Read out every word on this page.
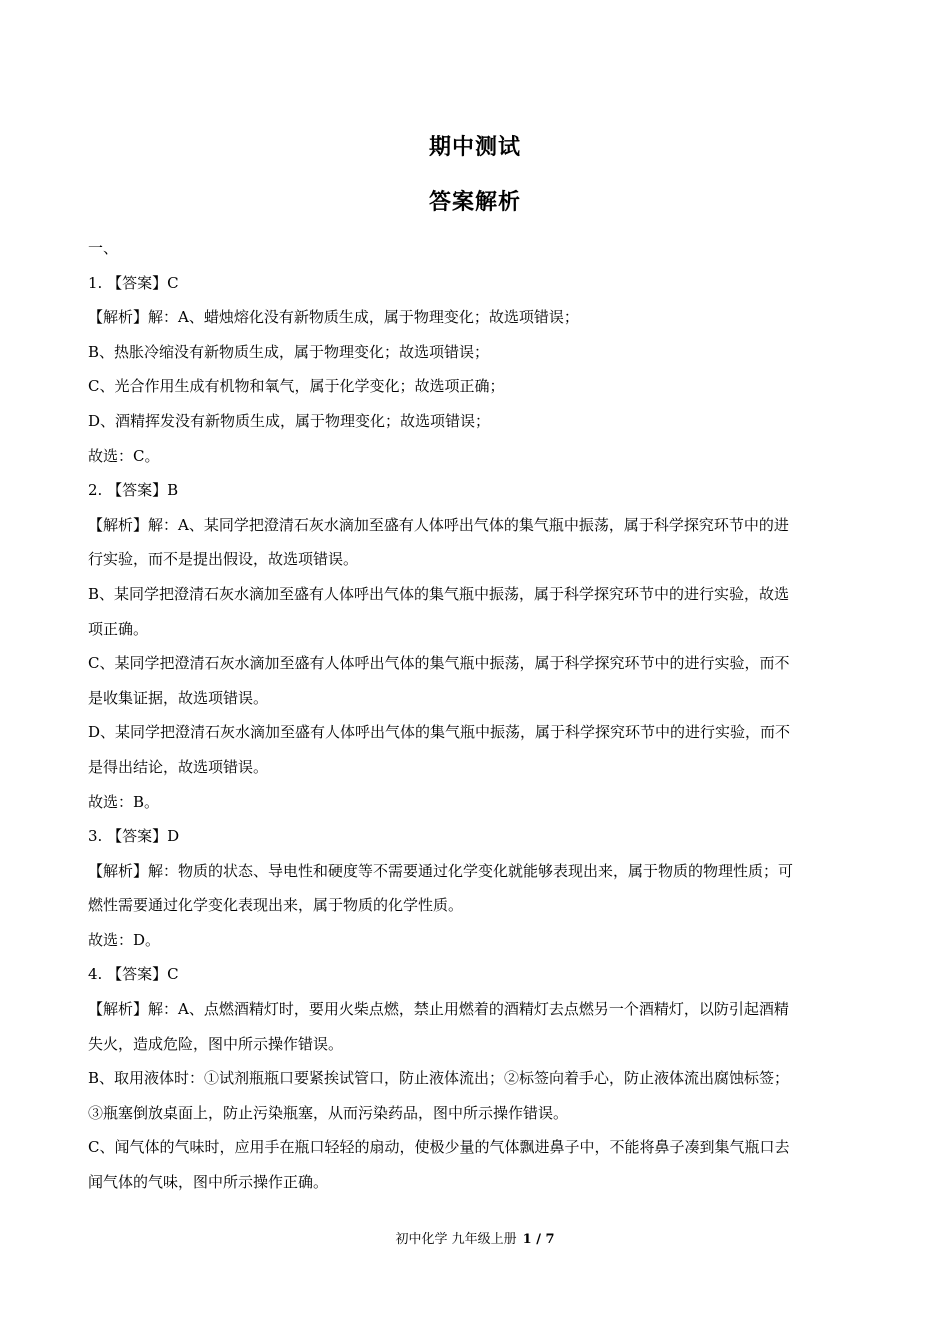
期中测试
答案解析
一、
1. 【答案】C
【解析】解：A、蜡烛熔化没有新物质生成，属于物理变化；故选项错误；
B、热胀冷缩没有新物质生成，属于物理变化；故选项错误；
C、光合作用生成有机物和氧气，属于化学变化；故选项正确；
D、酒精挥发没有新物质生成，属于物理变化；故选项错误；
故选：C。
2. 【答案】B
【解析】解：A、某同学把澄清石灰水滴加至盛有人体呼出气体的集气瓶中振荡，属于科学探究环节中的进
行实验，而不是提出假设，故选项错误。
B、某同学把澄清石灰水滴加至盛有人体呼出气体的集气瓶中振荡，属于科学探究环节中的进行实验，故选
项正确。
C、某同学把澄清石灰水滴加至盛有人体呼出气体的集气瓶中振荡，属于科学探究环节中的进行实验，而不
是收集证据，故选项错误。
D、某同学把澄清石灰水滴加至盛有人体呼出气体的集气瓶中振荡，属于科学探究环节中的进行实验，而不
是得出结论，故选项错误。
故选：B。
3. 【答案】D
【解析】解：物质的状态、导电性和硬度等不需要通过化学变化就能够表现出来，属于物质的物理性质；可
燃性需要通过化学变化表现出来，属于物质的化学性质。
故选：D。
4. 【答案】C
【解析】解：A、点燃酒精灯时，要用火柴点燃，禁止用燃着的酒精灯去点燃另一个酒精灯，以防引起酒精
失火，造成危险，图中所示操作错误。
B、取用液体时：①试剂瓶瓶口要紧挨试管口，防止液体流出；②标签向着手心，防止液体流出腐蚀标签；
③瓶塞倒放桌面上，防止污染瓶塞，从而污染药品，图中所示操作错误。
C、闻气体的气味时，应用手在瓶口轻轻的扇动，使极少量的气体飘进鼻子中，不能将鼻子凑到集气瓶口去
闻气体的气味，图中所示操作正确。
初中化学 九年级上册 1 / 7
